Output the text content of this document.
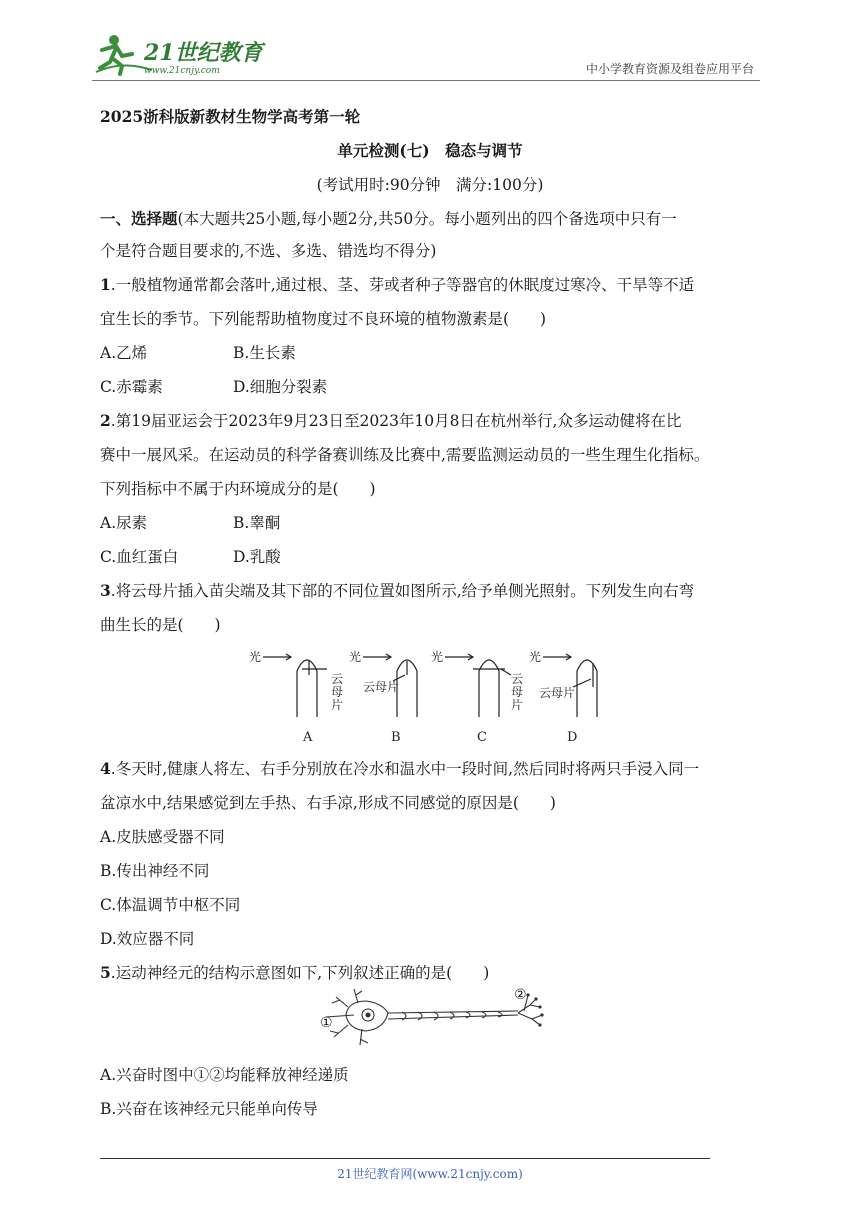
21世纪教育
www.21cnjy.com	中小学教育资源及组卷应用平台
2025浙科版新教材生物学高考第一轮
单元检测(七)　稳态与调节
(考试用时:90分钟　满分:100分)
一、选择题(本大题共25小题,每小题2分,共50分。每小题列出的四个备选项中只有一
个是符合题目要求的,不选、多选、错选均不得分)
1.一般植物通常都会落叶,通过根、茎、芽或者种子等器官的休眠度过寒冷、干旱等不适
宜生长的季节。下列能帮助植物度过不良环境的植物激素是(　　)
A.乙烯	B.生长素
C.赤霉素	D.细胞分裂素
2.第19届亚运会于2023年9月23日至2023年10月8日在杭州举行,众多运动健将在比
赛中一展风采。在运动员的科学备赛训练及比赛中,需要监测运动员的一些生理生化指标。
下列指标中不属于内环境成分的是(　　)
A.尿素	B.睾酮
C.血红蛋白	D.乳酸
3.将云母片插入苗尖端及其下部的不同位置如图所示,给予单侧光照射。下列发生向右弯
曲生长的是(　　)
光
云
母
片
光
云母片
光
云
母
片
光
云母片
A	B	C	D
4.冬天时,健康人将左、右手分别放在冷水和温水中一段时间,然后同时将两只手浸入同一
盆凉水中,结果感觉到左手热、右手凉,形成不同感觉的原因是(　　)
A.皮肤感受器不同
B.传出神经不同
C.体温调节中枢不同
D.效应器不同
5.运动神经元的结构示意图如下,下列叙述正确的是(　　)
①
②
A.兴奋时图中①②均能释放神经递质
B.兴奋在该神经元只能单向传导
21世纪教育网(www.21cnjy.com)
